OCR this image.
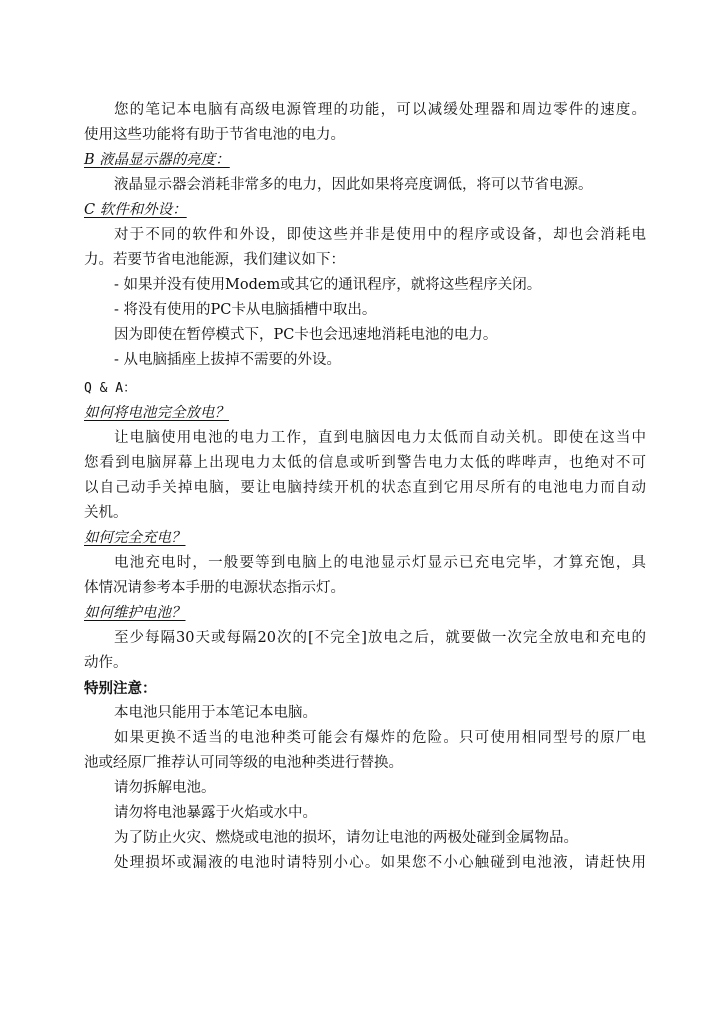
您的笔记本电脑有高级电源管理的功能，可以减缓处理器和周边零件的速度。
使用这些功能将有助于节省电池的电力。
B 液晶显示器的亮度：
液晶显示器会消耗非常多的电力，因此如果将亮度调低，将可以节省电源。
C 软件和外设：
对于不同的软件和外设，即使这些并非是使用中的程序或设备，却也会消耗电
力。若要节省电池能源，我们建议如下：
- 如果并没有使用Modem或其它的通讯程序，就将这些程序关闭。
- 将没有使用的PC卡从电脑插槽中取出。
因为即使在暂停模式下，PC卡也会迅速地消耗电池的电力。
- 从电脑插座上拔掉不需要的外设。
Q & A：
如何将电池完全放电？
让电脑使用电池的电力工作，直到电脑因电力太低而自动关机。即使在这当中
您看到电脑屏幕上出现电力太低的信息或听到警告电力太低的哔哔声，也绝对不可
以自己动手关掉电脑，要让电脑持续开机的状态直到它用尽所有的电池电力而自动
关机。
如何完全充电？
电池充电时，一般要等到电脑上的电池显示灯显示已充电完毕，才算充饱，具
体情况请参考本手册的电源状态指示灯。
如何维护电池？
至少每隔30天或每隔20次的[不完全]放电之后，就要做一次完全放电和充电的
动作。
特别注意：
本电池只能用于本笔记本电脑。
如果更换不适当的电池种类可能会有爆炸的危险。只可使用相同型号的原厂电
池或经原厂推荐认可同等级的电池种类进行替换。
请勿拆解电池。
请勿将电池暴露于火焰或水中。
为了防止火灾、燃烧或电池的损坏，请勿让电池的两极处碰到金属物品。
处理损坏或漏液的电池时请特别小心。如果您不小心触碰到电池液，请赶快用
